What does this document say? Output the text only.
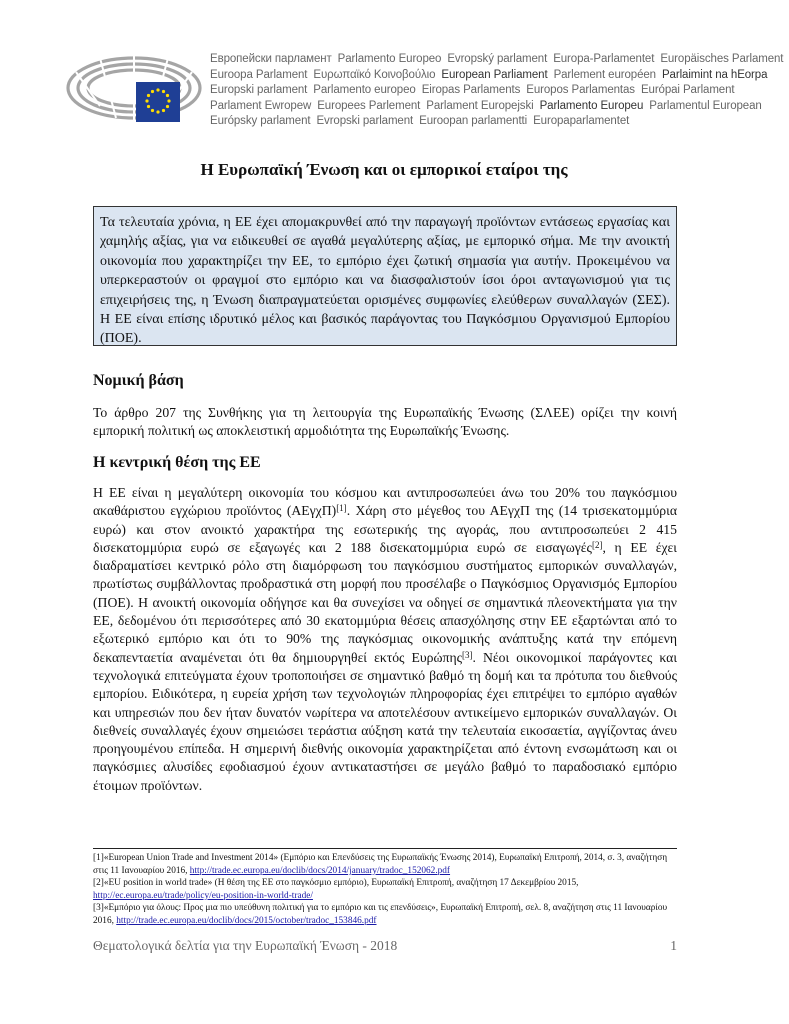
Европейски парламент Parlamento Europeo Evropský parlament Europa-Parlamentet Europäisches Parlament
Euroopa Parlament Ευρωπαϊκό Κοινοβούλιο European Parliament Parlement européen Parlaimint na hEorpa
Europski parlament Parlamento europeo Eiropas Parlaments Europos Parlamentas Európai Parlament
Parlament Ewropew Europees Parlement Parlament Europejski Parlamento Europeu Parlamentul European
Európsky parlament Evropski parlament Euroopan parlamentti Europaparlamentet
Η Ευρωπαϊκή Ένωση και οι εμπορικοί εταίροι της
Τα τελευταία χρόνια, η ΕΕ έχει απομακρυνθεί από την παραγωγή προϊόντων εντάσεως εργασίας και χαμηλής αξίας, για να ειδικευθεί σε αγαθά μεγαλύτερης αξίας, με εμπορικό σήμα. Με την ανοικτή οικονομία που χαρακτηρίζει την ΕΕ, το εμπόριο έχει ζωτική σημασία για αυτήν. Προκειμένου να υπερκεραστούν οι φραγμοί στο εμπόριο και να διασφαλιστούν ίσοι όροι ανταγωνισμού για τις επιχειρήσεις της, η Ένωση διαπραγματεύεται ορισμένες συμφωνίες ελεύθερων συναλλαγών (ΣΕΣ). Η ΕΕ είναι επίσης ιδρυτικό μέλος και βασικός παράγοντας του Παγκόσμιου Οργανισμού Εμπορίου (ΠΟΕ).
Νομική βάση
Το άρθρο 207 της Συνθήκης για τη λειτουργία της Ευρωπαϊκής Ένωσης (ΣΛΕΕ) ορίζει την κοινή εμπορική πολιτική ως αποκλειστική αρμοδιότητα της Ευρωπαϊκής Ένωσης.
Η κεντρική θέση της ΕΕ
Η ΕΕ είναι η μεγαλύτερη οικονομία του κόσμου και αντιπροσωπεύει άνω του 20% του παγκόσμιου ακαθάριστου εγχώριου προϊόντος (ΑΕγχΠ)[1]. Χάρη στο μέγεθος του ΑΕγχΠ της (14 τρισεκατομμύρια ευρώ) και στον ανοικτό χαρακτήρα της εσωτερικής της αγοράς, που αντιπροσωπεύει 2 415 δισεκατομμύρια ευρώ σε εξαγωγές και 2 188 δισεκατομμύρια ευρώ σε εισαγωγές[2], η ΕΕ έχει διαδραματίσει κεντρικό ρόλο στη διαμόρφωση του παγκόσμιου συστήματος εμπορικών συναλλαγών, πρωτίστως συμβάλλοντας προδραστικά στη μορφή που προσέλαβε ο Παγκόσμιος Οργανισμός Εμπορίου (ΠΟΕ). Η ανοικτή οικονομία οδήγησε και θα συνεχίσει να οδηγεί σε σημαντικά πλεονεκτήματα για την ΕΕ, δεδομένου ότι περισσότερες από 30 εκατομμύρια θέσεις απασχόλησης στην ΕΕ εξαρτώνται από το εξωτερικό εμπόριο και ότι το 90% της παγκόσμιας οικονομικής ανάπτυξης κατά την επόμενη δεκαπενταετία αναμένεται ότι θα δημιουργηθεί εκτός Ευρώπης[3]. Νέοι οικονομικοί παράγοντες και τεχνολογικά επιτεύγματα έχουν τροποποιήσει σε σημαντικό βαθμό τη δομή και τα πρότυπα του διεθνούς εμπορίου. Ειδικότερα, η ευρεία χρήση των τεχνολογιών πληροφορίας έχει επιτρέψει το εμπόριο αγαθών και υπηρεσιών που δεν ήταν δυνατόν νωρίτερα να αποτελέσουν αντικείμενο εμπορικών συναλλαγών. Οι διεθνείς συναλλαγές έχουν σημειώσει τεράστια αύξηση κατά την τελευταία εικοσαετία, αγγίζοντας άνευ προηγουμένου επίπεδα. Η σημερινή διεθνής οικονομία χαρακτηρίζεται από έντονη ενσωμάτωση και οι παγκόσμιες αλυσίδες εφοδιασμού έχουν αντικαταστήσει σε μεγάλο βαθμό το παραδοσιακό εμπόριο έτοιμων προϊόντων.
[1]«European Union Trade and Investment 2014» (Εμπόριο και Επενδύσεις της Ευρωπαϊκής Ένωσης 2014), Ευρωπαϊκή Επιτροπή, 2014, σ. 3, αναζήτηση στις 11 Ιανουαρίου 2016, http://trade.ec.europa.eu/doclib/docs/2014/january/tradoc_152062.pdf
[2]«EU position in world trade» (Η θέση της ΕΕ στο παγκόσμιο εμπόριο), Ευρωπαϊκή Επιτροπή, αναζήτηση 17 Δεκεμβρίου 2015, http://ec.europa.eu/trade/policy/eu-position-in-world-trade/
[3]«Εμπόριο για όλους: Προς μια πιο υπεύθυνη πολιτική για το εμπόριο και τις επενδύσεις», Ευρωπαϊκή Επιτροπή, σελ. 8, αναζήτηση στις 11 Ιανουαρίου 2016, http://trade.ec.europa.eu/doclib/docs/2015/october/tradoc_153846.pdf
Θεματολογικά δελτία για την Ευρωπαϊκή Ένωση - 2018	1
